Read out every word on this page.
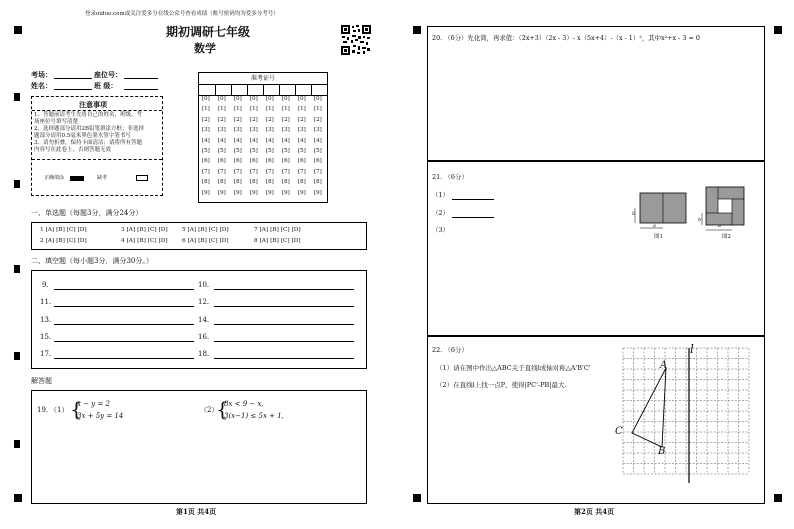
登录oiduo.com或关注爱多分在线公众号查看成绩（账号密码均为爱多分考号）
期初调研七年级
数学
考场：	座位号：
姓名：	班 级：
注意事项
1、答题前请考生先将自己的姓名、班级、考
场座位号填写清楚
2、选择题部分请用2B铅笔填涂方框；非选择
题部分请用0.5毫米黑色墨水签字笔书写
3、请勿折叠，保持卡面清洁；请将所有答题
内容写在此卷上，否则答题无效
正确填涂	缺考
准考证号
[0] [0] [0] [0] [0] [0] [0] [0]
[1] [1] [1] [1] [1] [1] [1] [1]
[2] [2] [2] [2] [2] [2] [2] [2]
[3] [3] [3] [3] [3] [3] [3] [3]
[4] [4] [4] [4] [4] [4] [4] [4]
[5] [5] [5] [5] [5] [5] [5] [5]
[6] [6] [6] [6] [6] [6] [6] [6]
[7] [7] [7] [7] [7] [7] [7] [7]
[8] [8] [8] [8] [8] [8] [8] [8]
[9] [9] [9] [9] [9] [9] [9] [9]
一、单选题（每题3分，满分24分）
1 [A] [B] [C] [D]	3 [A] [B] [C] [D] 5 [A] [B] [C] [D]	7 [A] [B] [C] [D]
2 [A] [B] [C] [D]	4 [A] [B] [C] [D] 6 [A] [B] [C] [D]	8 [A] [B] [C] [D]
二、填空题（每小题3分，满分30分。）
9.	10.
11.	12.
13.	14.
15.	16.
17.	18.
解答题
19. （1） {
x − y = 2
3x + 5y = 14
（2）
{
8x < 9 − x,
3(x−1) ≤ 5x + 1,
第1页 共4页
20. （6分）先化简，再求值：（2x+3）（2x - 3）- x（5x+4）-（x - 1）²，其中x²+x - 3 = 0
21. （6分）
（1）
（2）
（3）
b
a
图1
b
a
图2
22. （6分）
（1）请在图中作出△ABC关于直线l成轴对称△A'B'C'
（2）在直线l上找一点P，使得|PC'-PB|最大.
l
A
B
C
第2页 共4页
